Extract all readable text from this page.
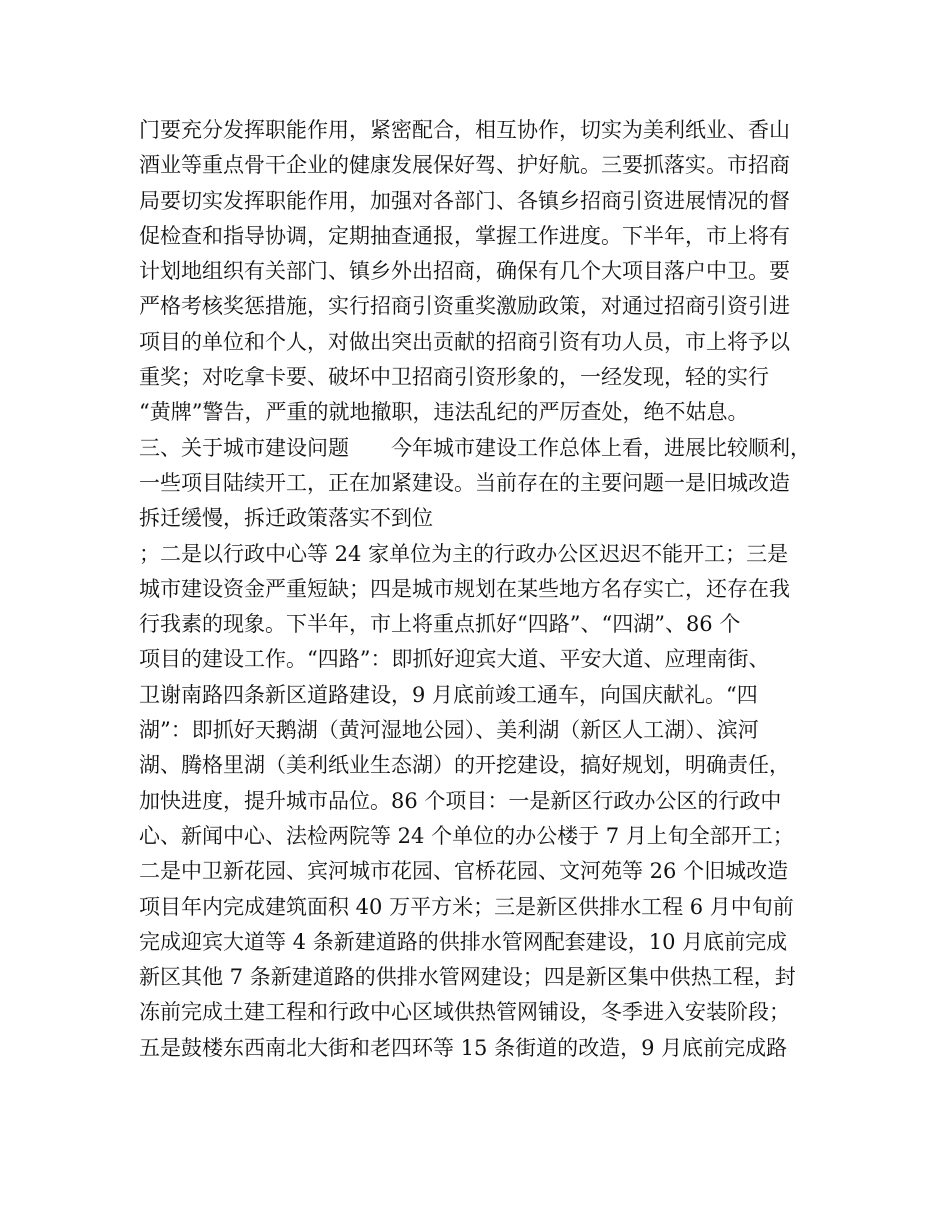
门要充分发挥职能作用，紧密配合，相互协作，切实为美利纸业、香山
酒业等重点骨干企业的健康发展保好驾、护好航。三要抓落实。市招商
局要切实发挥职能作用，加强对各部门、各镇乡招商引资进展情况的督
促检查和指导协调，定期抽查通报，掌握工作进度。下半年，市上将有
计划地组织有关部门、镇乡外出招商，确保有几个大项目落户中卫。要
严格考核奖惩措施，实行招商引资重奖激励政策，对通过招商引资引进
项目的单位和个人，对做出突出贡献的招商引资有功人员，市上将予以
重奖；对吃拿卡要、破坏中卫招商引资形象的，一经发现，轻的实行
“黄牌”警告，严重的就地撤职，违法乱纪的严厉查处，绝不姑息。
三、关于城市建设问题　　今年城市建设工作总体上看，进展比较顺利，
一些项目陆续开工，正在加紧建设。当前存在的主要问题一是旧城改造
拆迁缓慢，拆迁政策落实不到位
；二是以行政中心等 24 家单位为主的行政办公区迟迟不能开工；三是
城市建设资金严重短缺；四是城市规划在某些地方名存实亡，还存在我
行我素的现象。下半年，市上将重点抓好“四路”、“四湖”、86 个
项目的建设工作。“四路”：即抓好迎宾大道、平安大道、应理南街、
卫谢南路四条新区道路建设，9 月底前竣工通车，向国庆献礼。“四
湖”：即抓好天鹅湖（黄河湿地公园）、美利湖（新区人工湖）、滨河
湖、腾格里湖（美利纸业生态湖）的开挖建设，搞好规划，明确责任，
加快进度，提升城市品位。86 个项目：一是新区行政办公区的行政中
心、新闻中心、法检两院等 24 个单位的办公楼于 7 月上旬全部开工；
二是中卫新花园、宾河城市花园、官桥花园、文河苑等 26 个旧城改造
项目年内完成建筑面积 40 万平方米；三是新区供排水工程 6 月中旬前
完成迎宾大道等 4 条新建道路的供排水管网配套建设，10 月底前完成
新区其他 7 条新建道路的供排水管网建设；四是新区集中供热工程，封
冻前完成土建工程和行政中心区域供热管网铺设，冬季进入安装阶段；
五是鼓楼东西南北大街和老四环等 15 条街道的改造，9 月底前完成路
